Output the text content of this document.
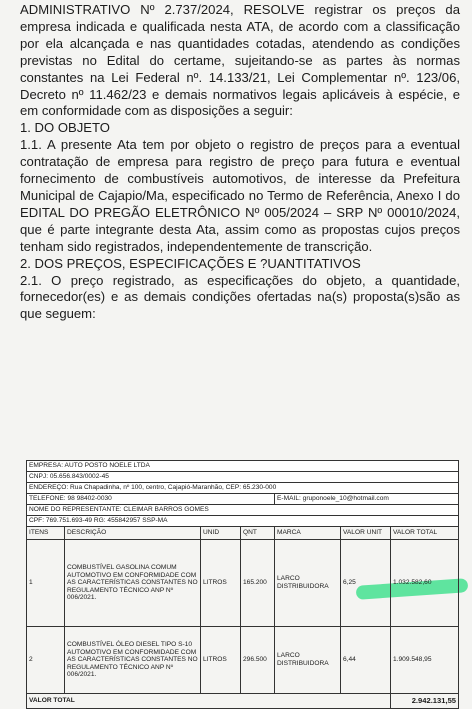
ADMINISTRATIVO Nº 2.737/2024, RESOLVE registrar os preços da empresa indicada e qualificada nesta ATA, de acordo com a classificação por ela alcançada e nas quantidades cotadas, atendendo as condições previstas no Edital do certame, sujeitando-se as partes às normas constantes na Lei Federal nº. 14.133/21, Lei Complementar nº. 123/06, Decreto nº 11.462/23 e demais normativos legais aplicáveis à espécie, e em conformidade com as disposições a seguir:

1. DO OBJETO

1.1. A presente Ata tem por objeto o registro de preços para a eventual contratação de empresa para registro de preço para futura e eventual fornecimento de combustíveis automotivos, de interesse da Prefeitura Municipal de Cajapio/Ma, especificado no Termo de Referência, Anexo I do EDITAL DO PREGÃO ELETRÔNICO Nº 005/2024 – SRP Nº 00010/2024, que é parte integrante desta Ata, assim como as propostas cujos preços tenham sido registrados, independentemente de transcrição.

2. DOS PREÇOS, ESPECIFICAÇÕES E ?UANTITATIVOS

2.1. O preço registrado, as especificações do objeto, a quantidade, fornecedor(es) e as demais condições ofertadas na(s) proposta(s)são as que seguem:

EMPRESA: AUTO POSTO NOELE LTDA						
CNPJ: 05.656.843/0002-45						
ENDEREÇO: Rua Chapadinha, nº 100, centro, Cajapió-Maranhão, CEP: 65.230-000						
TELEFONE: 98 98402-0030				E-MAIL: gruponoele_10@hotmail.com		
NOME DO REPRESENTANTE: CLEIMAR BARROS GOMES						
CPF: 769.751.693-49 RG: 455842957 SSP-MA						
ITENS	DESCRIÇÃO	UNID	QNT	MARCA	VALOR UNIT	VALOR TOTAL
1	COMBUSTÍVEL GASOLINA COMUM AUTOMOTIVO EM CONFORMIDADE COM AS CARACTERÍSTICAS CONSTANTES NO REGULAMENTO TÉCNICO ANP Nº 006/2021.	LITROS	165.200	LARCO DISTRIBUIDORA	6,25	1.032.582,60
2	COMBUSTÍVEL ÓLEO DIESEL TIPO S-10 AUTOMOTIVO EM CONFORMIDADE COM AS CARACTERÍSTICAS CONSTANTES NO REGULAMENTO TÉCNICO ANP Nº 006/2021.	LITROS	296.500	LARCO DISTRIBUIDORA	6,44	1.909.548,95
VALOR TOTAL						2.942.131,55
